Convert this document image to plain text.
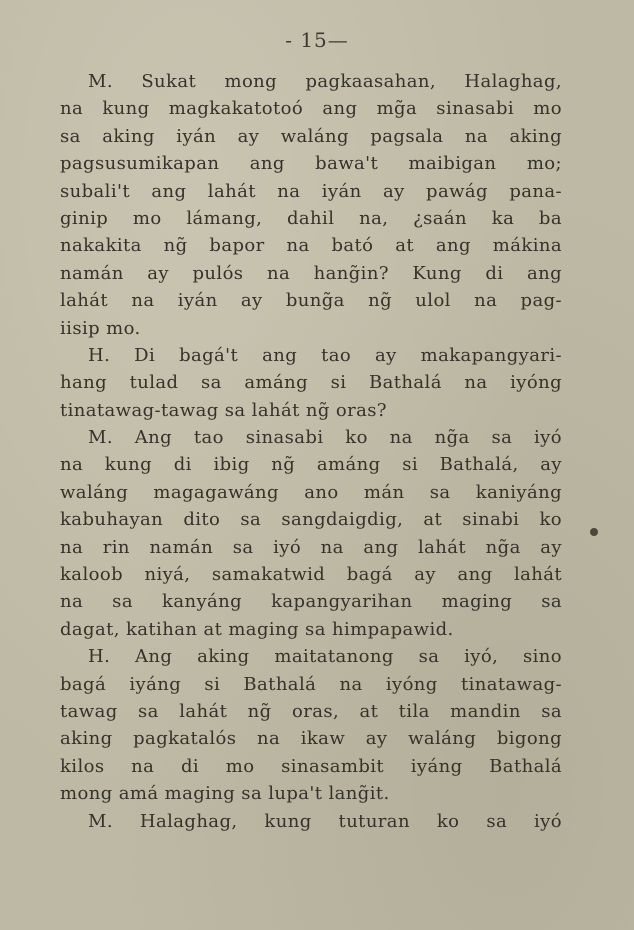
- 15—
M. Sukat mong pagkaasahan, Halaghag,
na kung magkakatotoó ang mg̃a sinasabi mo
sa aking iyán ay waláng pagsala na aking
pagsusumikapan ang bawa't maibigan mo;
subali't ang lahát na iyán ay pawág pana-
ginip mo lámang, dahil na, ¿saán ka ba
nakakita ng̃ bapor na bató at ang mákina
namán ay pulós na hang̃in? Kung di ang
lahát na iyán ay bung̃a ng̃ ulol na pag-
iisip mo.
H. Di bagá't ang tao ay makapangyari-
hang tulad sa amáng si Bathalá na iyóng
tinatawag-tawag sa lahát ng̃ oras?
M. Ang tao sinasabi ko na ng̃a sa iyó
na kung di ibig ng̃ amáng si Bathalá, ay
waláng magagawáng ano mán sa kaniyáng
kabuhayan dito sa sangdaigdig, at sinabi ko
na rin namán sa iyó na ang lahát ng̃a ay
kaloob niyá, samakatwid bagá ay ang lahát
na sa kanyáng kapangyarihan maging sa
dagat, katihan at maging sa himpapawid.
H. Ang aking maitatanong sa iyó, sino
bagá iyáng si Bathalá na iyóng tinatawag-
tawag sa lahát ng̃ oras, at tila mandin sa
aking pagkatalós na ikaw ay waláng bigong
kilos na di mo sinasambit iyáng Bathalá
mong amá maging sa lupa't lang̃it.
M. Halaghag, kung tuturan ko sa iyó
